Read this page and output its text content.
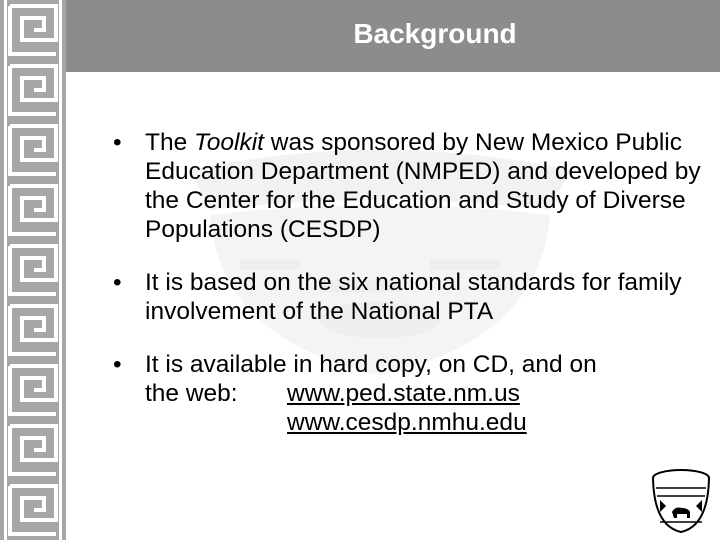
Background
• The Toolkit was sponsored by New Mexico Public Education Department (NMPED) and developed by the Center for the Education and Study of Diverse Populations (CESDP)
• It is based on the six national standards for family involvement of the National PTA
• It is available in hard copy, on CD, and on
the web:	www.ped.state.nm.us
www.cesdp.nmhu.edu
